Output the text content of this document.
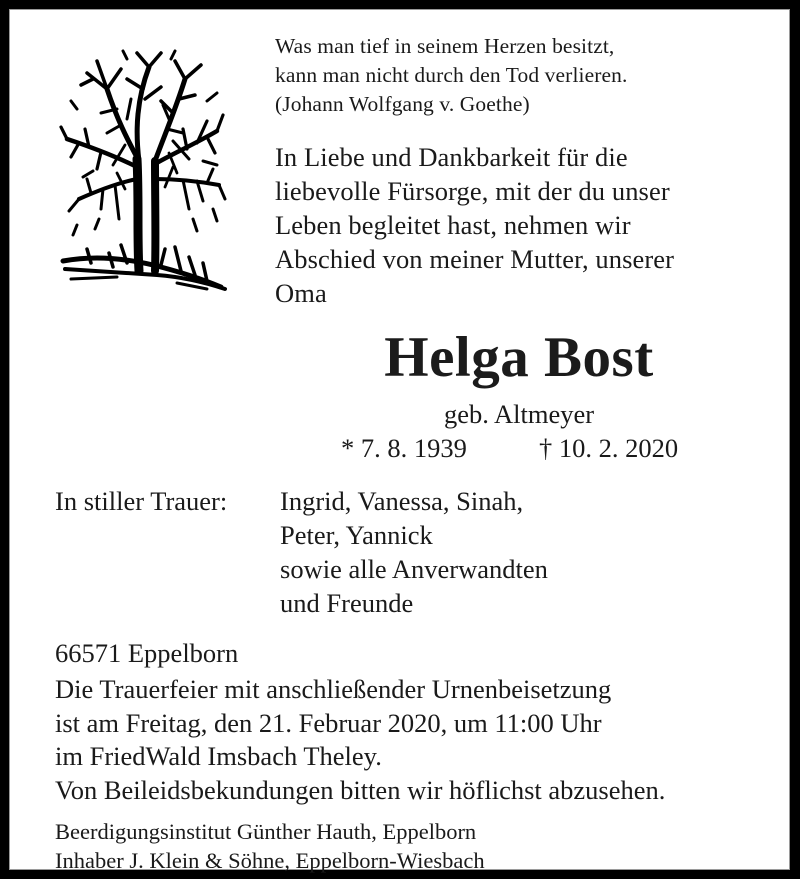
Was man tief in seinem Herzen besitzt,
kann man nicht durch den Tod verlieren.
(Johann Wolfgang v. Goethe)
In Liebe und Dankbarkeit für die
liebevolle Fürsorge, mit der du unser
Leben begleitet hast, nehmen wir
Abschied von meiner Mutter, unserer
Oma
Helga Bost
geb. Altmeyer
* 7. 8. 1939	† 10. 2. 2020
In stiller Trauer: Ingrid, Vanessa, Sinah,
Peter, Yannick
sowie alle Anverwandten
und Freunde
66571 Eppelborn
Die Trauerfeier mit anschließender Urnenbeisetzung
ist am Freitag, den 21. Februar 2020, um 11:00 Uhr
im FriedWald Imsbach Theley.
Von Beileidsbekundungen bitten wir höflichst abzusehen.
Beerdigungsinstitut Günther Hauth, Eppelborn
Inhaber J. Klein & Söhne, Eppelborn-Wiesbach
